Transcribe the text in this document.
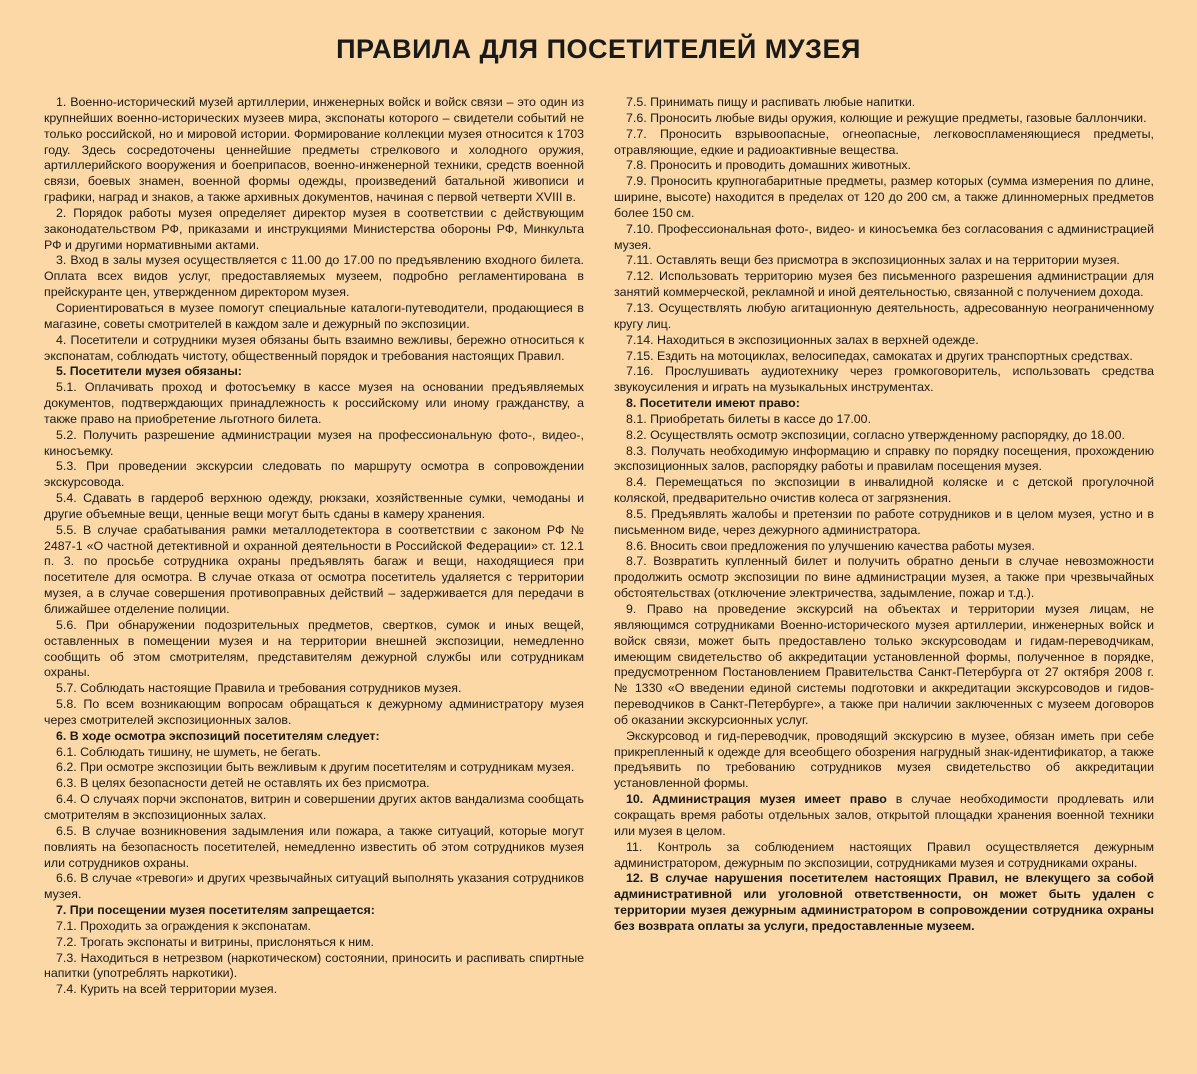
ПРАВИЛА ДЛЯ ПОСЕТИТЕЛЕЙ МУЗЕЯ

1. Военно-исторический музей артиллерии, инженерных войск и войск связи – это один из крупнейших военно-исторических музеев мира, экспонаты которого – свидетели событий не только российской, но и мировой истории. Формирование коллекции музея относится к 1703 году. Здесь сосредоточены ценнейшие предметы стрелкового и холодного оружия, артиллерийского вооружения и боеприпасов, военно-инженерной техники, средств военной связи, боевых знамен, военной формы одежды, произведений батальной живописи и графики, наград и знаков, а также архивных документов, начиная с первой четверти XVIII в.

2. Порядок работы музея определяет директор музея в соответствии с действующим законодательством РФ, приказами и инструкциями Министерства обороны РФ, Минкульта РФ и другими нормативными актами.

3. Вход в залы музея осуществляется с 11.00 до 17.00 по предъявлению входного билета. Оплата всех видов услуг, предоставляемых музеем, подробно регламентирована в прейскуранте цен, утвержденном директором музея.

Сориентироваться в музее помогут специальные каталоги-путеводители, продающиеся в магазине, советы смотрителей в каждом зале и дежурный по экспозиции.

4. Посетители и сотрудники музея обязаны быть взаимно вежливы, бережно относиться к экспонатам, соблюдать чистоту, общественный порядок и требования настоящих Правил.

5. Посетители музея обязаны:

5.1. Оплачивать проход и фотосъемку в кассе музея на основании предъявляемых документов, подтверждающих принадлежность к российскому или иному гражданству, а также право на приобретение льготного билета.

5.2. Получить разрешение администрации музея на профессиональную фото-, видео-, киносъемку.

5.3. При проведении экскурсии следовать по маршруту осмотра в сопровождении экскурсовода.

5.4. Сдавать в гардероб верхнюю одежду, рюкзаки, хозяйственные сумки, чемоданы и другие объемные вещи, ценные вещи могут быть сданы в камеру хранения.

5.5. В случае срабатывания рамки металлодетектора в соответствии с законом РФ № 2487-1 «О частной детективной и охранной деятельности в Российской Федерации» ст. 12.1 п. 3. по просьбе сотрудника охраны предъявлять багаж и вещи, находящиеся при посетителе для осмотра. В случае отказа от осмотра посетитель удаляется с территории музея, а в случае совершения противоправных действий – задерживается для передачи в ближайшее отделение полиции.

5.6. При обнаружении подозрительных предметов, свертков, сумок и иных вещей, оставленных в помещении музея и на территории внешней экспозиции, немедленно сообщить об этом смотрителям, представителям дежурной службы или сотрудникам охраны.

5.7. Соблюдать настоящие Правила и требования сотрудников музея.

5.8. По всем возникающим вопросам обращаться к дежурному администратору музея через смотрителей экспозиционных залов.

6. В ходе осмотра экспозиций посетителям следует:

6.1. Соблюдать тишину, не шуметь, не бегать.

6.2. При осмотре экспозиции быть вежливым к другим посетителям и сотрудникам музея.

6.3. В целях безопасности детей не оставлять их без присмотра.

6.4. О случаях порчи экспонатов, витрин и совершении других актов вандализма сообщать смотрителям в экспозиционных залах.

6.5. В случае возникновения задымления или пожара, а также ситуаций, которые могут повлиять на безопасность посетителей, немедленно известить об этом сотрудников музея или сотрудников охраны.

6.6. В случае «тревоги» и других чрезвычайных ситуаций выполнять указания сотрудников музея.

7. При посещении музея посетителям запрещается:

7.1. Проходить за ограждения к экспонатам.

7.2. Трогать экспонаты и витрины, прислоняться к ним.

7.3. Находиться в нетрезвом (наркотическом) состоянии, приносить и распивать спиртные напитки (употреблять наркотики).

7.4. Курить на всей территории музея.

7.5. Принимать пищу и распивать любые напитки.

7.6. Проносить любые виды оружия, колющие и режущие предметы, газовые баллончики.

7.7. Проносить взрывоопасные, огнеопасные, легковоспламеняющиеся предметы, отравляющие, едкие и радиоактивные вещества.

7.8. Проносить и проводить домашних животных.

7.9. Проносить крупногабаритные предметы, размер которых (сумма измерения по длине, ширине, высоте) находится в пределах от 120 до 200 см, а также длинномерных предметов более 150 см.

7.10. Профессиональная фото-, видео- и киносъемка без согласования с администрацией музея.

7.11. Оставлять вещи без присмотра в экспозиционных залах и на территории музея.

7.12. Использовать территорию музея без письменного разрешения администрации для занятий коммерческой, рекламной и иной деятельностью, связанной с получением дохода.

7.13. Осуществлять любую агитационную деятельность, адресованную неограниченному кругу лиц.

7.14. Находиться в экспозиционных залах в верхней одежде.

7.15. Ездить на мотоциклах, велосипедах, самокатах и других транспортных средствах.

7.16. Прослушивать аудиотехнику через громкоговоритель, использовать средства звукоусиления и играть на музыкальных инструментах.

8. Посетители имеют право:

8.1. Приобретать билеты в кассе до 17.00.

8.2. Осуществлять осмотр экспозиции, согласно утвержденному распорядку, до 18.00.

8.3. Получать необходимую информацию и справку по порядку посещения, прохождению экспозиционных залов, распорядку работы и правилам посещения музея.

8.4. Перемещаться по экспозиции в инвалидной коляске и с детской прогулочной коляской, предварительно очистив колеса от загрязнения.

8.5. Предъявлять жалобы и претензии по работе сотрудников и в целом музея, устно и в письменном виде, через дежурного администратора.

8.6. Вносить свои предложения по улучшению качества работы музея.

8.7. Возвратить купленный билет и получить обратно деньги в случае невозможности продолжить осмотр экспозиции по вине администрации музея, а также при чрезвычайных обстоятельствах (отключение электричества, задымление, пожар и т.д.).

9. Право на проведение экскурсий на объектах и территории музея лицам, не являющимся сотрудниками Военно-исторического музея артиллерии, инженерных войск и войск связи, может быть предоставлено только экскурсоводам и гидам-переводчикам, имеющим свидетельство об аккредитации установленной формы, полученное в порядке, предусмотренном Постановлением Правительства Санкт-Петербурга от 27 октября 2008 г. № 1330 «О введении единой системы подготовки и аккредитации экскурсоводов и гидов-переводчиков в Санкт-Петербурге», а также при наличии заключенных с музеем договоров об оказании экскурсионных услуг.

Экскурсовод и гид-переводчик, проводящий экскурсию в музее, обязан иметь при себе прикрепленный к одежде для всеобщего обозрения нагрудный знак-идентификатор, а также предъявить по требованию сотрудников музея свидетельство об аккредитации установленной формы.

10. Администрация музея имеет право в случае необходимости продлевать или сокращать время работы отдельных залов, открытой площадки хранения военной техники или музея в целом.

11. Контроль за соблюдением настоящих Правил осуществляется дежурным администратором, дежурным по экспозиции, сотрудниками музея и сотрудниками охраны.

12. В случае нарушения посетителем настоящих Правил, не влекущего за собой административной или уголовной ответственности, он может быть удален с территории музея дежурным администратором в сопровождении сотрудника охраны без возврата оплаты за услуги, предоставленные музеем.
